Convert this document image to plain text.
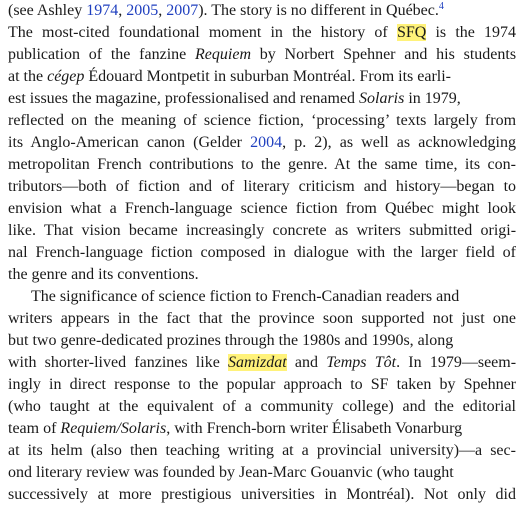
(see Ashley 1974, 2005, 2007). The story is no different in Québec.$^4$
The most-cited foundational moment in the history of SFQ is the 1974
publication of the fanzine Requiem by Norbert Spehner and his students
at the cégep Édouard Montpetit in suburban Montréal. From its earli-
est issues the magazine, professionalised and renamed Solaris in 1979,
reflected on the meaning of science fiction, ‘processing’ texts largely from
its Anglo-American canon (Gelder 2004, p. 2), as well as acknowledging
metropolitan French contributions to the genre. At the same time, its con-
tributors—both of fiction and of literary criticism and history—began to
envision what a French-language science fiction from Québec might look
like. That vision became increasingly concrete as writers submitted origi-
nal French-language fiction composed in dialogue with the larger field of
the genre and its conventions.
The significance of science fiction to French-Canadian readers and
writers appears in the fact that the province soon supported not just one
but two genre-dedicated prozines through the 1980s and 1990s, along
with shorter-lived fanzines like Samizdat and Temps Tôt. In 1979—seem-
ingly in direct response to the popular approach to SF taken by Spehner
(who taught at the equivalent of a community college) and the editorial
team of Requiem/Solaris, with French-born writer Élisabeth Vonarburg
at its helm (also then teaching writing at a provincial university)—a sec-
ond literary review was founded by Jean-Marc Gouanvic (who taught
successively at more prestigious universities in Montréal). Not only did
